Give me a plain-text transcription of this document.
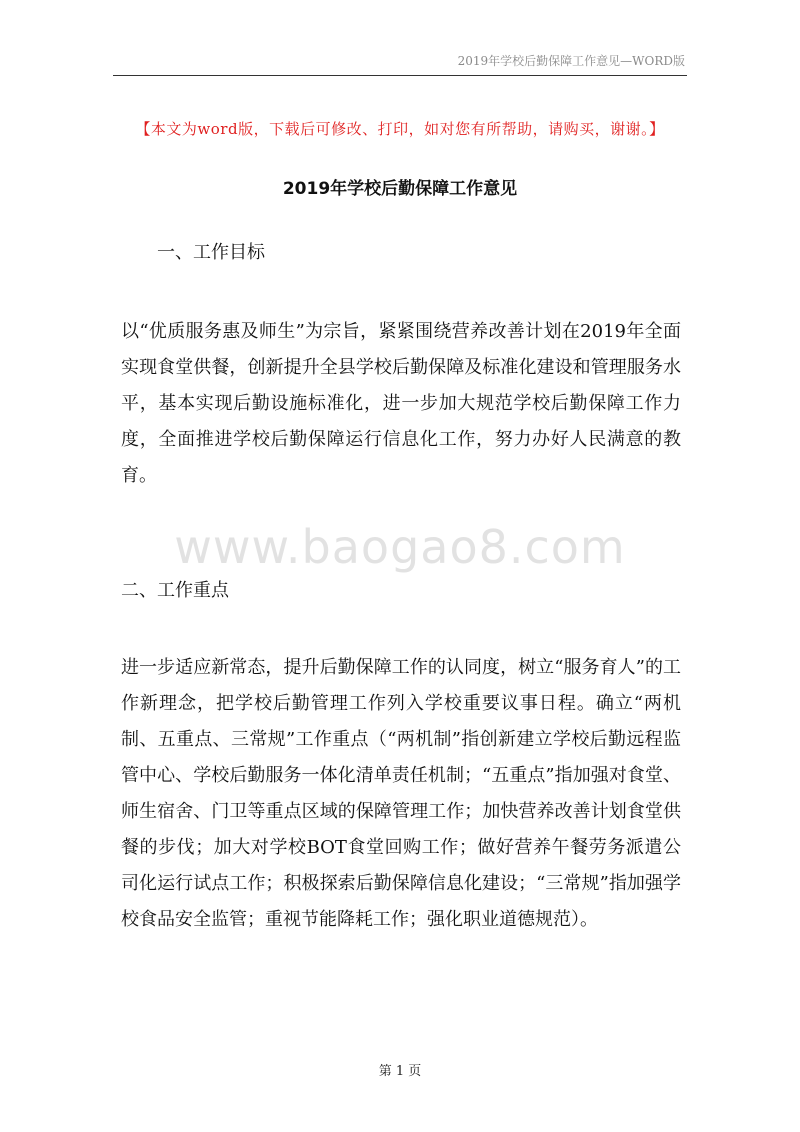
2019年学校后勤保障工作意见—WORD版
【本文为word版，下载后可修改、打印，如对您有所帮助，请购买，谢谢。】
2019年学校后勤保障工作意见
一、工作目标
以“优质服务惠及师生”为宗旨，紧紧围绕营养改善计划在2019年全面实现食堂供餐，创新提升全县学校后勤保障及标准化建设和管理服务水平，基本实现后勤设施标准化，进一步加大规范学校后勤保障工作力度，全面推进学校后勤保障运行信息化工作，努力办好人民满意的教育。
www.baogao8.com
二、工作重点
进一步适应新常态，提升后勤保障工作的认同度，树立“服务育人”的工作新理念，把学校后勤管理工作列入学校重要议事日程。确立“两机制、五重点、三常规”工作重点（“两机制”指创新建立学校后勤远程监管中心、学校后勤服务一体化清单责任机制；“五重点”指加强对食堂、师生宿舍、门卫等重点区域的保障管理工作；加快营养改善计划食堂供餐的步伐；加大对学校BOT食堂回购工作；做好营养午餐劳务派遣公司化运行试点工作；积极探索后勤保障信息化建设；“三常规”指加强学校食品安全监管；重视节能降耗工作；强化职业道德规范）。
第 1 页
